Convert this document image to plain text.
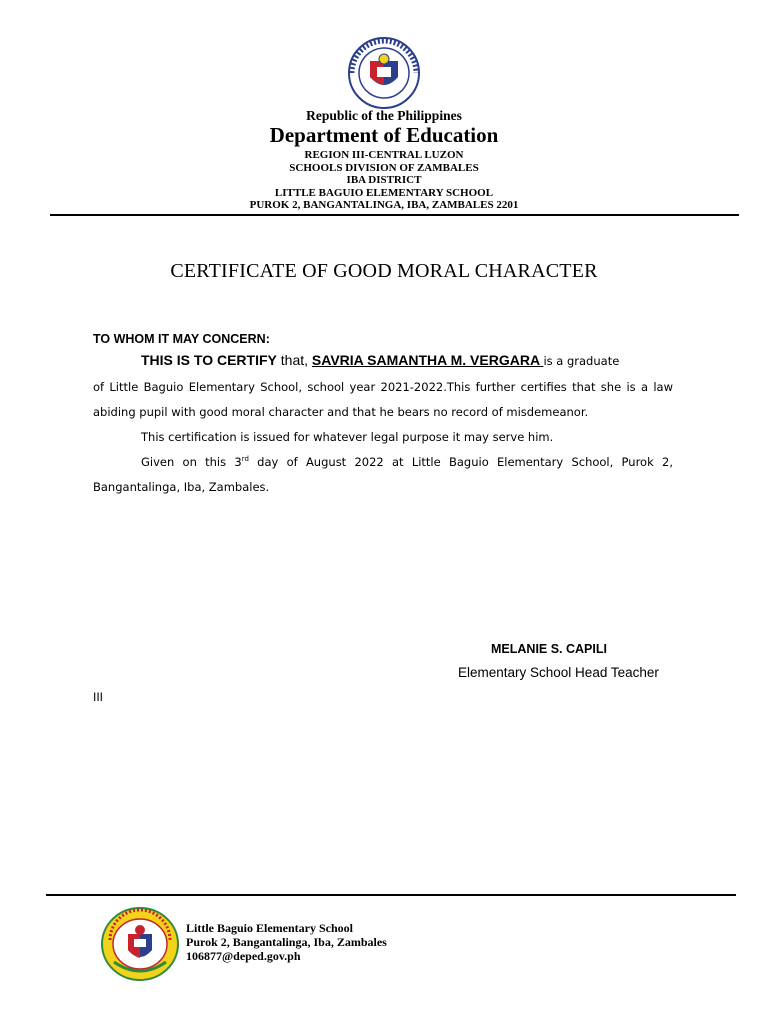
Republic of the Philippines
Department of Education
REGION III-CENTRAL LUZON
SCHOOLS DIVISION OF ZAMBALES
IBA DISTRICT
LITTLE BAGUIO ELEMENTARY SCHOOL
PUROK 2, BANGANTALINGA, IBA, ZAMBALES 2201
CERTIFICATE OF GOOD MORAL CHARACTER
TO WHOM IT MAY CONCERN:
THIS IS TO CERTIFY that, SAVRIA SAMANTHA M. VERGARA is a graduate
of Little Baguio Elementary School, school year 2021-2022.This further certifies that she is a law
abiding pupil with good moral character and that he bears no record of misdemeanor.
This certification is issued for whatever legal purpose it may serve him.
Given on this 3rd day of August 2022 at Little Baguio Elementary School, Purok 2,
Bangantalinga, Iba, Zambales.
MELANIE S. CAPILI
Elementary School Head Teacher
III
Little Baguio Elementary School
Purok 2, Bangantalinga, Iba, Zambales
106877@deped.gov.ph
